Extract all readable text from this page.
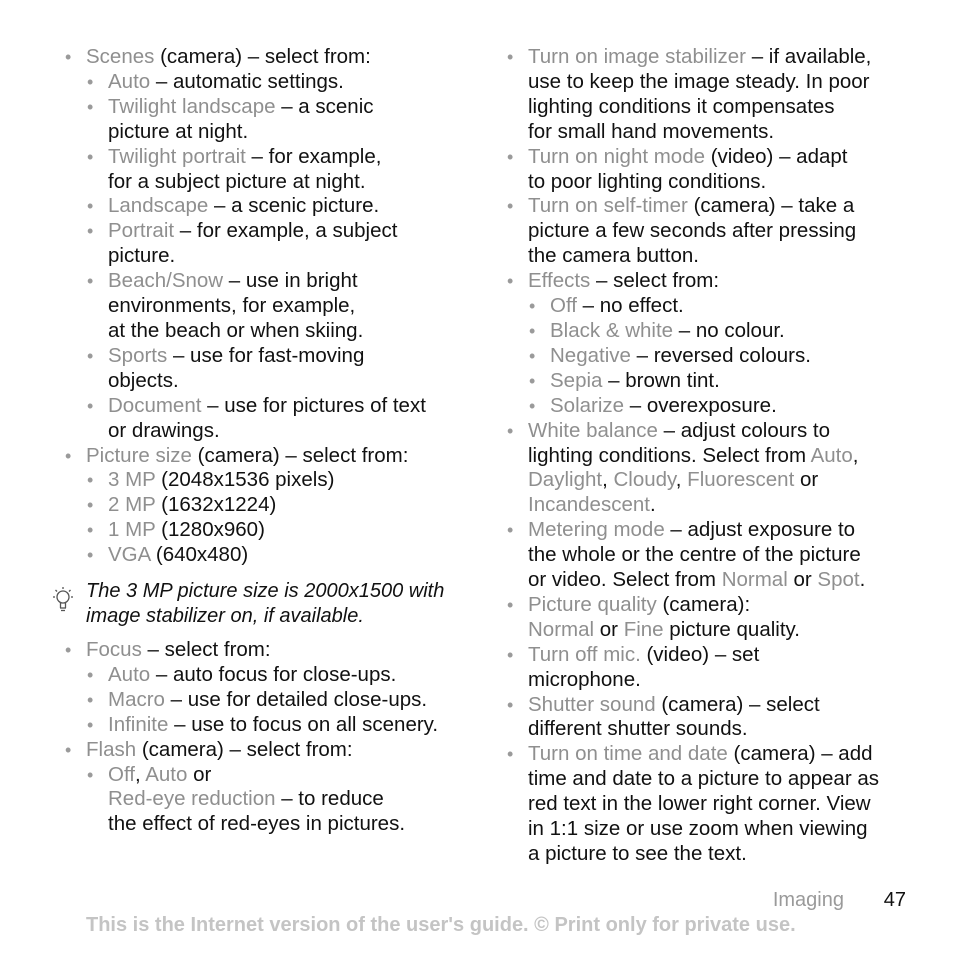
• Scenes (camera) – select from:
• Auto – automatic settings.
• Twilight landscape – a scenic
picture at night.
• Twilight portrait – for example,
for a subject picture at night.
• Landscape – a scenic picture.
• Portrait – for example, a subject
picture.
• Beach/Snow – use in bright
environments, for example,
at the beach or when skiing.
• Sports – use for fast-moving
objects.
• Document – use for pictures of text
or drawings.
• Picture size (camera) – select from:
• 3 MP (2048x1536 pixels)
• 2 MP (1632x1224)
• 1 MP (1280x960)
• VGA (640x480)
The 3 MP picture size is 2000x1500 with
image stabilizer on, if available.
• Focus – select from:
• Auto – auto focus for close-ups.
• Macro – use for detailed close-ups.
• Infinite – use to focus on all scenery.
• Flash (camera) – select from:
• Off, Auto or
Red-eye reduction – to reduce
the effect of red-eyes in pictures.
• Turn on image stabilizer – if available,
use to keep the image steady. In poor
lighting conditions it compensates
for small hand movements.
• Turn on night mode (video) – adapt
to poor lighting conditions.
• Turn on self-timer (camera) – take a
picture a few seconds after pressing
the camera button.
• Effects – select from:
• Off – no effect.
• Black & white – no colour.
• Negative – reversed colours.
• Sepia – brown tint.
• Solarize – overexposure.
• White balance – adjust colours to
lighting conditions. Select from Auto,
Daylight, Cloudy, Fluorescent or
Incandescent.
• Metering mode – adjust exposure to
the whole or the centre of the picture
or video. Select from Normal or Spot.
• Picture quality (camera):
Normal or Fine picture quality.
• Turn off mic. (video) – set
microphone.
• Shutter sound (camera) – select
different shutter sounds.
• Turn on time and date (camera) – add
time and date to a picture to appear as
red text in the lower right corner. View
in 1:1 size or use zoom when viewing
a picture to see the text.
Imaging 47
This is the Internet version of the user's guide. © Print only for private use.
